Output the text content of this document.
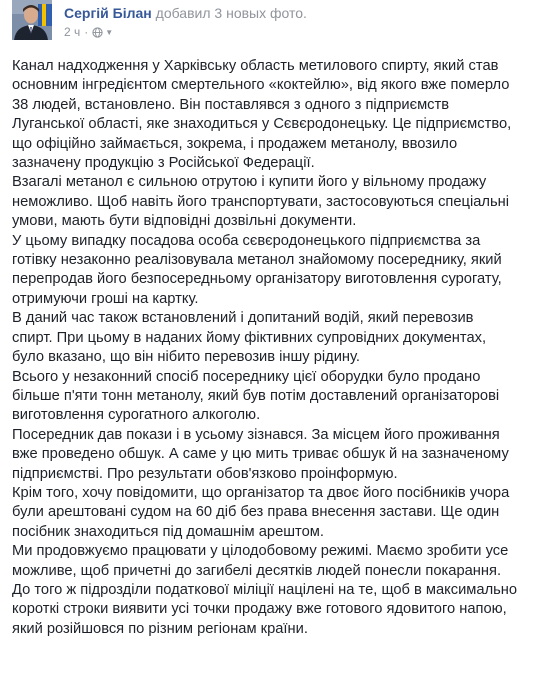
Сергій Білан добавил 3 новых фото.
2 ч · ▼

Канал надходження у Харківську область метилового спирту, який став
основним інгредієнтом смертельного «коктейлю», від якого вже померло
38 людей, встановлено. Він поставлявся з одного з підприємств
Луганської області, яке знаходиться у Сєвєродонецьку. Це підприємство,
що офіційно займається, зокрема, і продажем метанолу, ввозило
зазначену продукцію з Російської Федерації.

Взагалі метанол є сильною отрутою і купити його у вільному продажу
неможливо. Щоб навіть його транспортувати, застосовуються спеціальні
умови, мають бути відповідні дозвільні документи.

У цьому випадку посадова особа сєвєродонецького підприємства за
готівку незаконно реалізовувала метанол знайомому посереднику, який
перепродав його безпосередньому організатору виготовлення сурогату,
отримуючи гроші на картку.

В даний час також встановлений і допитаний водій, який перевозив
спирт. При цьому в наданих йому фіктивних супровідних документах,
було вказано, що він нібито перевозив іншу рідину.

Всього у незаконний спосіб посереднику цієї оборудки було продано
більше п'яти тонн метанолу, який був потім доставлений організаторові
виготовлення сурогатного алкоголю.

Посередник дав покази і в усьому зізнався. За місцем його проживання
вже проведено обшук. А саме у цю мить триває обшук й на зазначеному
підприємстві. Про результати обов'язково проінформую.

Крім того, хочу повідомити, що організатор та двоє його посібників учора
були арештовані судом на 60 діб без права внесення застави. Ще один
посібник знаходиться під домашнім арештом.

Ми продовжуємо працювати у цілодобовому режимі. Маємо зробити усе
можливе, щоб причетні до загибелі десятків людей понесли покарання.

До того ж підрозділи податкової міліції націлені на те, щоб в максимально
короткі строки виявити усі точки продажу вже готового ядовитого напою,
який розійшовся по різним регіонам країни.
